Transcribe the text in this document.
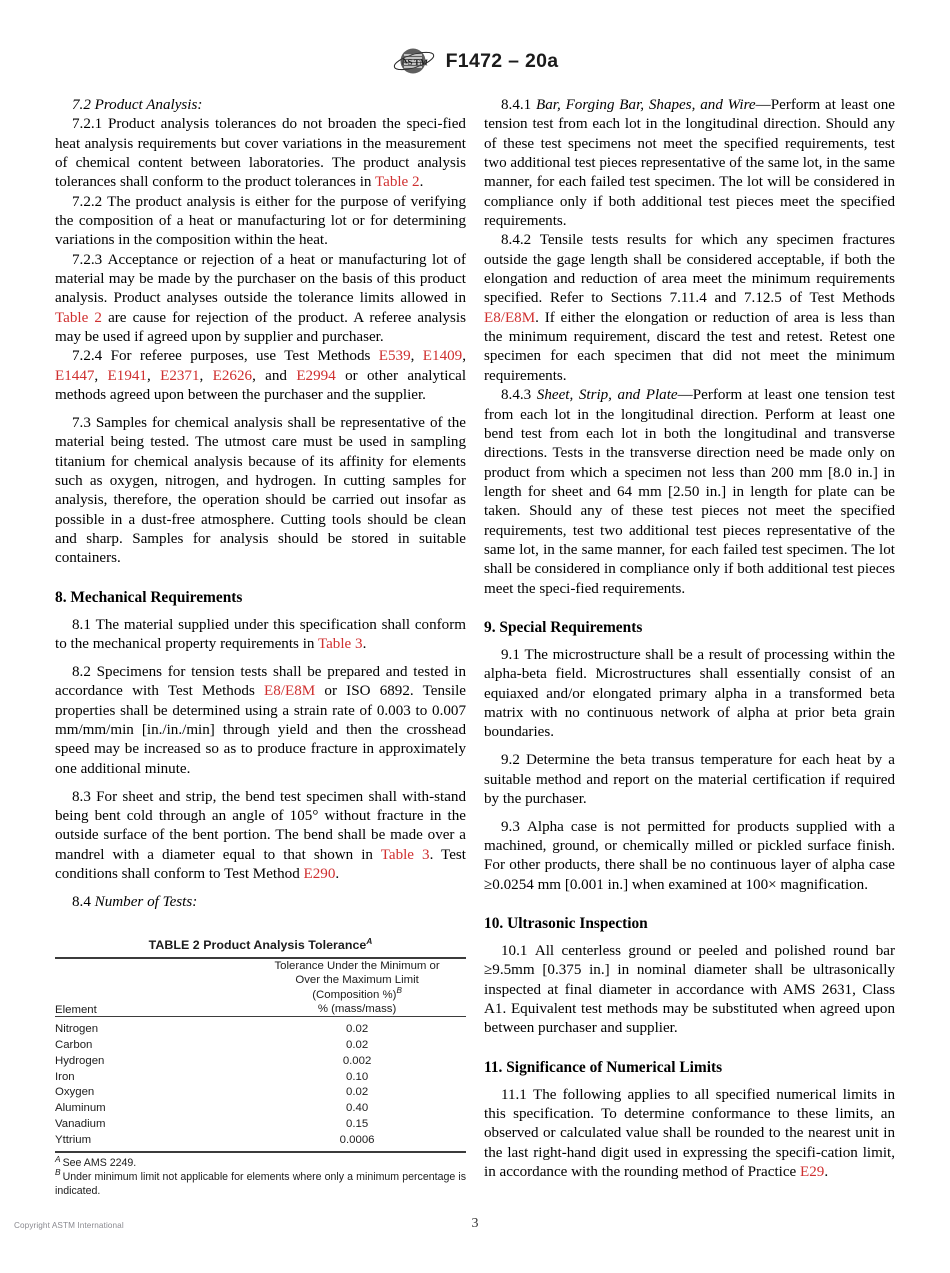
A
S T M F1472 – 20a

7.2 Product Analysis:

7.2.1 Product analysis tolerances do not broaden the speci-fied heat analysis requirements but cover variations in the measurement of chemical content between laboratories. The product analysis tolerances shall conform to the product tolerances in Table 2.

7.2.2 The product analysis is either for the purpose of verifying the composition of a heat or manufacturing lot or for determining variations in the composition within the heat.

7.2.3 Acceptance or rejection of a heat or manufacturing lot of material may be made by the purchaser on the basis of this product analysis. Product analyses outside the tolerance limits allowed in Table 2 are cause for rejection of the product. A referee analysis may be used if agreed upon by supplier and purchaser.

7.2.4 For referee purposes, use Test Methods E539, E1409, E1447, E1941, E2371, E2626, and E2994 or other analytical methods agreed upon between the purchaser and the supplier.

7.3 Samples for chemical analysis shall be representative of the material being tested. The utmost care must be used in sampling titanium for chemical analysis because of its affinity for elements such as oxygen, nitrogen, and hydrogen. In cutting samples for analysis, therefore, the operation should be carried out insofar as possible in a dust-free atmosphere. Cutting tools should be clean and sharp. Samples for analysis should be stored in suitable containers.

8. Mechanical Requirements

8.1 The material supplied under this specification shall conform to the mechanical property requirements in Table 3.

8.2 Specimens for tension tests shall be prepared and tested in accordance with Test Methods E8/E8M or ISO 6892. Tensile properties shall be determined using a strain rate of 0.003 to 0.007 mm/mm/min [in./in./min] through yield and then the crosshead speed may be increased so as to produce fracture in approximately one additional minute.

8.3 For sheet and strip, the bend test specimen shall with-stand being bent cold through an angle of 105° without fracture in the outside surface of the bent portion. The bend shall be made over a mandrel with a diameter equal to that shown in Table 3. Test conditions shall conform to Test Method E290.

8.4 Number of Tests:

TABLE 2 Product Analysis Tolerance$^A$
Element	Tolerance Under the Minimum or
Over the Maximum Limit
(Composition %)$^B$
% (mass/mass)
Nitrogen	0.02
Carbon	0.02
Hydrogen	0.002
Iron	0.10
Oxygen	0.02
Aluminum	0.40
Vanadium	0.15
Yttrium	0.0006

$^A$ See AMS 2249.

$^B$ Under minimum limit not applicable for elements where only a minimum percentage is indicated.

8.4.1 Bar, Forging Bar, Shapes, and Wire—Perform at least one tension test from each lot in the longitudinal direction. Should any of these test specimens not meet the specified requirements, test two additional test pieces representative of the same lot, in the same manner, for each failed test specimen. The lot will be considered in compliance only if both additional test pieces meet the specified requirements.

8.4.2 Tensile tests results for which any specimen fractures outside the gage length shall be considered acceptable, if both the elongation and reduction of area meet the minimum requirements specified. Refer to Sections 7.11.4 and 7.12.5 of Test Methods E8/E8M. If either the elongation or reduction of area is less than the minimum requirement, discard the test and retest. Retest one specimen for each specimen that did not meet the minimum requirements.

8.4.3 Sheet, Strip, and Plate—Perform at least one tension test from each lot in the longitudinal direction. Perform at least one bend test from each lot in both the longitudinal and transverse directions. Tests in the transverse direction need be made only on product from which a specimen not less than 200 mm [8.0 in.] in length for sheet and 64 mm [2.50 in.] in length for plate can be taken. Should any of these test pieces not meet the specified requirements, test two additional test pieces representative of the same lot, in the same manner, for each failed test specimen. The lot shall be considered in compliance only if both additional test pieces meet the speci-fied requirements.

9. Special Requirements

9.1 The microstructure shall be a result of processing within the alpha-beta field. Microstructures shall essentially consist of an equiaxed and/or elongated primary alpha in a transformed beta matrix with no continuous network of alpha at prior beta grain boundaries.

9.2 Determine the beta transus temperature for each heat by a suitable method and report on the material certification if required by the purchaser.

9.3 Alpha case is not permitted for products supplied with a machined, ground, or chemically milled or pickled surface finish. For other products, there shall be no continuous layer of alpha case ≥0.0254 mm [0.001 in.] when examined at 100× magnification.

10. Ultrasonic Inspection

10.1 All centerless ground or peeled and polished round bar ≥9.5mm [0.375 in.] in nominal diameter shall be ultrasonically inspected at final diameter in accordance with AMS 2631, Class A1. Equivalent test methods may be substituted when agreed upon between purchaser and supplier.

11. Significance of Numerical Limits

11.1 The following applies to all specified numerical limits in this specification. To determine conformance to these limits, an observed or calculated value shall be rounded to the nearest unit in the last right-hand digit used in expressing the specifi-cation limit, in accordance with the rounding method of Practice E29.

Copyright ASTM International	3
